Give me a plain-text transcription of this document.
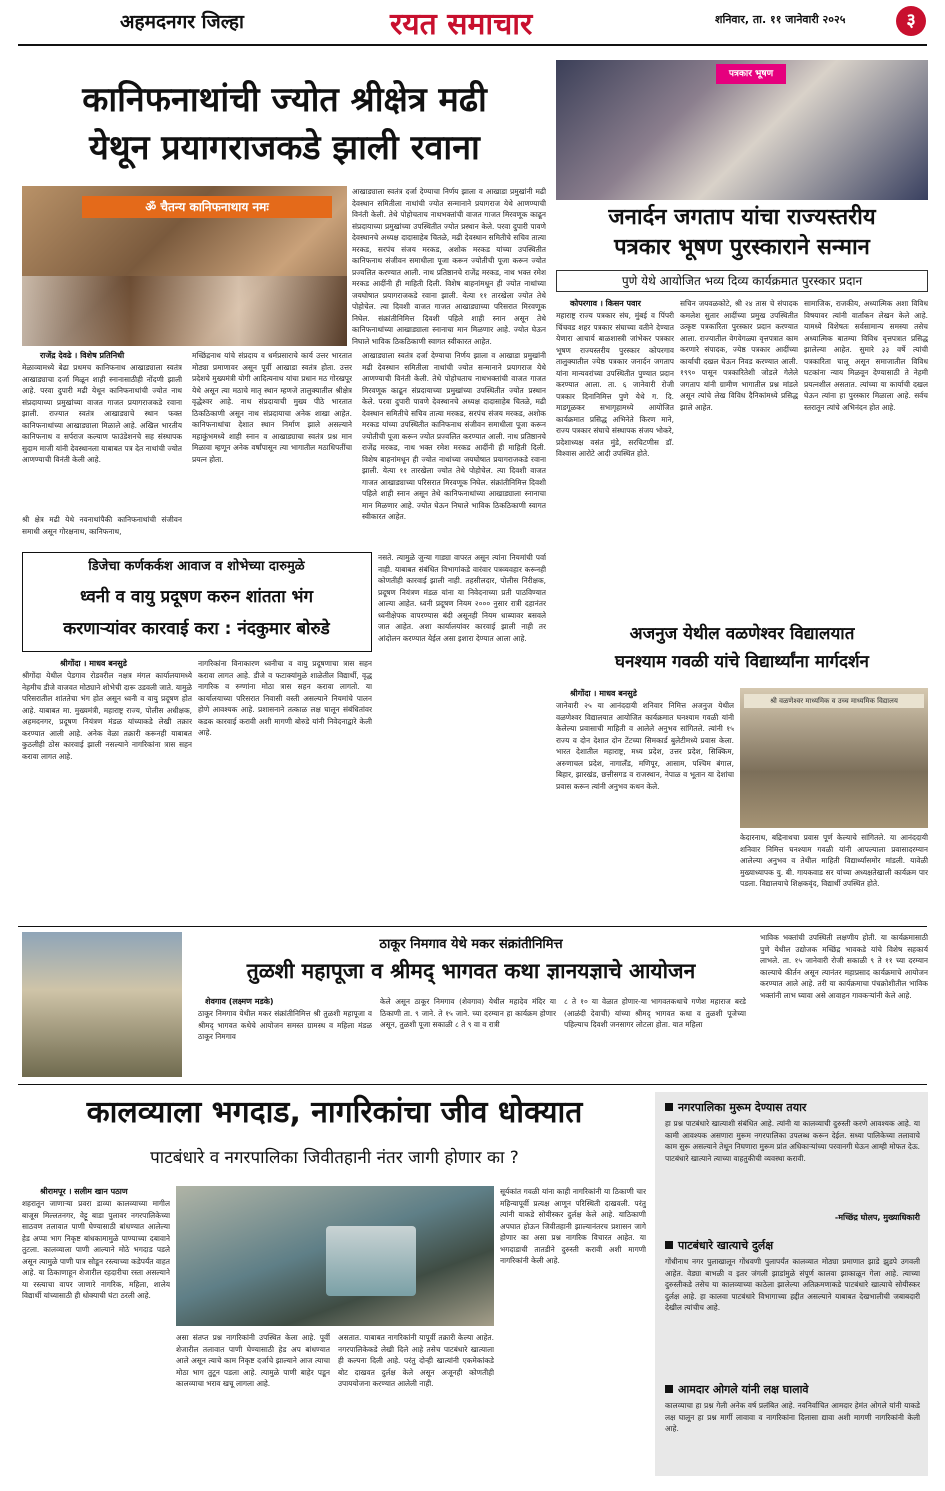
अहमदनगर जिल्हा	रयत समाचार	शनिवार, ता. ११ जानेवारी २०२५	३
कानिफनाथांची ज्योत श्रीक्षेत्र मढी
येथून प्रयागराजकडे झाली रवाना
ॐ चैतन्य कानिफनाथाय नमः
आखाड्याला स्वतंत्र दर्जा देण्याचा निर्णय झाला व आखाडा प्रमुखांनी मढी देवस्थान समितीला नाथांची ज्योत सन्मानाने प्रयागराज येथे आणण्याची विनंती केली. तेथे पोहोचताच नाथभक्तांची वाजत गाजत मिरवणूक काढून संप्रदायाच्या प्रमुखांच्या उपस्थितीत ज्योत प्रस्थान केले. परवा दुपारी पावणे देवस्थानचे अध्यक्ष दादासाहेब चितळे, मढी देवस्थान समितीचे सचिव तात्या मरकड, सरपंच संजय मरकड, अशोक मरकड यांच्या उपस्थितीत कानिफनाथ संजीवन समाधीला पूजा करून ज्योतीची पूजा करून ज्योत प्रज्वलित करण्यात आली. नाथ प्रतिष्ठानचे राजेंद्र मरकड, नाथ भक्त रमेश मरकड आदींनी ही माहिती दिली. विशेष बाहनांमधून ही ज्योत नाथांच्या जयघोषात प्रयागराजकडे रवाना झाली. येत्या ११ तारखेला ज्योत तेथे पोहोचेल. त्या दिवशी वाजत गाजत आखाड्याच्या परिसरात मिरवणूक निघेल. संक्रांतीनिमित्त दिवशी पहिले शाही स्नान असून तेथे कानिफनाथांच्या आखाड्याला स्नानाचा मान मिळणार आहे. ज्योत घेऊन निघाले भाविक ठिकठिकाणी स्वागत स्वीकारत आहेत.
राजेंद्र देवढे । विशेष प्रतिनिधी
मेळाव्यामध्ये बेढा प्रथमच कानिफनाथ आखाड्याला स्वतंत्र आखाड्याचा दर्जा मिळून शाही स्नानासाठीही नोंदणी झाली आहे. परवा दुपारी मढी येथून कानिफनाथांची ज्योत नाथ संप्रदायाच्या प्रमुखांच्या वाजत गाजत प्रयागराजकडे रवाना झाली. राज्यात स्वतंत्र आखाड्याचे स्थान फक्त कानिफनाथांच्या आखाड्याला मिळाले आहे. अखिल भारतीय कानिफनाथ व सर्पराज कल्याण फाउंडेशनचे सह संस्थापक सुदाम माजी यांनी देवस्थानला याबाबत पत्र देत नाथांची ज्योत आणण्याची विनंती केली आहे.
श्री क्षेत्र मढी येथे नवनाथांपैकी कानिफनाथांची संजीवन समाधी असून गोरक्षनाथ, कानिफनाथ,
मच्छिंद्रनाथ यांचे संप्रदाय व धर्मप्रसाराचे कार्य उत्तर भारतात मोठ्या प्रमाणावर असून पूर्वी आखाडा स्वतंत्र होता. उत्तर प्रदेशचे मुख्यमंत्री योगी आदित्यनाथ यांचा प्रधान मठ गोरखपूर येथे असून त्या मठाचे मातृ स्थान म्हणजे तालुक्यातील श्रीक्षेत्र वृद्धेश्वर आहे. नाथ संप्रदायाची मुख्य पीठे भारतात ठिकठिकाणी असून नाथ संप्रदायाचा अनेक शाखा आहेत. कानिफनाथांचा देशात स्थान निर्माण झाले असल्याने महाकुंभमध्ये शाही स्नान व आखाड्याचा स्वतंत्र प्रश्न मान मिळावा म्हणून अनेक वर्षांपासून त्या भागातील मठाधिपतींचा प्रयत्न होता.
आखाड्याला स्वतंत्र दर्जा देण्याचा निर्णय झाला व आखाडा प्रमुखांनी मढी देवस्थान समितीला नाथांची ज्योत सन्मानाने प्रयागराज येथे आणण्याची विनंती केली. तेथे पोहोचताच नाथभक्तांची वाजत गाजत मिरवणूक काढून संप्रदायाच्या प्रमुखांच्या उपस्थितीत ज्योत प्रस्थान केले. परवा दुपारी पावणे देवस्थानचे अध्यक्ष दादासाहेब चितळे, मढी देवस्थान समितीचे सचिव तात्या मरकड, सरपंच संजय मरकड, अशोक मरकड यांच्या उपस्थितीत कानिफनाथ संजीवन समाधीला पूजा करून ज्योतीची पूजा करून ज्योत प्रज्वलित करण्यात आली. नाथ प्रतिष्ठानचे राजेंद्र मरकड, नाथ भक्त रमेश मरकड आदींनी ही माहिती दिली. विशेष बाहनांमधून ही ज्योत नाथांच्या जयघोषात प्रयागराजकडे रवाना झाली. येत्या ११ तारखेला ज्योत तेथे पोहोचेल. त्या दिवशी वाजत गाजत आखाड्याच्या परिसरात मिरवणूक निघेल. संक्रांतीनिमित्त दिवशी पहिले शाही स्नान असून तेथे कानिफनाथांच्या आखाड्याला स्नानाचा मान मिळणार आहे. ज्योत घेऊन निघाले भाविक ठिकठिकाणी स्वागत स्वीकारत आहेत.
पत्रकार भूषण
जनार्दन जगताप यांचा राज्यस्तरीय
पत्रकार भूषण पुरस्काराने सन्मान
पुणे येथे आयोजित भव्य दिव्य कार्यक्रमात पुरस्कार प्रदान
कोपरगाव । किसन पवार
महाराष्ट्र राज्य पत्रकार संघ, मुंबई व पिंपरी चिंचवड शहर पत्रकार संघाच्या वतीने देण्यात येणारा आचार्य बाळशास्त्री जांभेकर पत्रकार भूषण राज्यस्तरीय पुरस्कार कोपरगाव तालुक्यातील ज्येष्ठ पत्रकार जनार्दन जगताप यांना मान्यवरांच्या उपस्थितीत पुण्यात प्रदान करण्यात आला. ता. ६ जानेवारी रोजी पत्रकार दिनानिमित्त पुणे येथे ग. दि. माडगूळकर सभागृहामध्ये आयोजित कार्यक्रमात प्रसिद्ध अभिनेते किरण माने, राज्य पत्रकार संघाचे संस्थापक संजय भोकरे, प्रदेशाध्यक्ष वसंत मुंडे, सरचिटणीस डॉ. विश्वास आरोटे आदी उपस्थित होते.
सचिन जयवळकोटे, श्री २४ तास चे संपादक कमलेश सुतार आदींच्या प्रमुख उपस्थितीत उत्कृष्ट पत्रकारिता पुरस्कार प्रदान करण्यात आला. राज्यातील वेगवेगळ्या वृत्तपत्रात काम करणारे संपादक, ज्येष्ठ पत्रकार आदींच्या कार्याची दखल घेऊन निवड करण्यात आली. १९९० पासून पत्रकारितेशी जोडले गेलेले जगताप यांनी ग्रामीण भागातील प्रश्न मांडले असून त्यांचे लेख विविध दैनिकांमध्ये प्रसिद्ध झाले आहेत.
सामाजिक, राजकीय, अध्यात्मिक अशा विविध विषयावर त्यांनी वार्तांकन लेखन केले आहे. यामध्ये विशेषतः सर्वसामान्य समस्या तसेच अध्यात्मिक बातम्या विविध वृत्तपत्रात प्रसिद्ध झालेल्या आहेत. सुमारे ३३ वर्षे त्यांची पत्रकारिता चालू असून समाजातील विविध घटकांना न्याय मिळवून देण्यासाठी ते नेहमी प्रयत्नशील असतात. त्यांच्या या कार्याची दखल घेऊन त्यांना हा पुरस्कार मिळाला आहे. सर्वच स्तरातून त्यांचे अभिनंदन होत आहे.
डिजेचा कर्णकर्कश आवाज व शोभेच्या दारुमुळे
ध्वनी व वायु प्रदूषण करुन शांतता भंग
करणाऱ्यांवर कारवाई करा : नंदकुमार बोरुडे
श्रीगोंदा । माधव बनसुडे
श्रीगोंदा येथील पेडगाव रोडवरील नक्षत्र मंगल कार्यालयामध्ये नेहमीच डीजे वाजवत मोठ्याने शोभेची दारू उडवली जाते. यामुळे परिसरातील शांततेचा भंग होत असून ध्वनी व वायु प्रदूषण होत आहे. याबाबत मा. मुख्यमंत्री, महाराष्ट्र राज्य, पोलीस अधीक्षक, अहमदनगर, प्रदूषण नियंत्रण मंडळ यांच्याकडे लेखी तक्रार करण्यात आली आहे. अनेक वेळा तक्रारी करूनही याबाबत कुठलीही ठोस कारवाई झाली नसल्याने नागरिकांना त्रास सहन करावा लागत आहे.
नागरिकांना विनाकारण ध्वनीचा व वायु प्रदूषणाचा त्रास सहन करावा लागत आहे. डीजे व फटाक्यांमुळे शाळेतील विद्यार्थी, वृद्ध नागरिक व रुग्णांना मोठा त्रास सहन करावा लागतो. या कार्यालयाच्या परिसरात निवासी वस्ती असल्याने नियमांचे पालन होणे आवश्यक आहे. प्रशासनाने तत्काळ लक्ष घालून संबंधितांवर कडक कारवाई करावी अशी मागणी बोरुडे यांनी निवेदनाद्वारे केली आहे.
नसते. त्यामुळे जुन्या गाड्या वापरत असून त्यांना नियमांची पर्वा नाही. याबाबत संबंधित विभागांकडे वारंवार पत्रव्यवहार करूनही कोणतीही कारवाई झाली नाही. तहसीलदार, पोलीस निरीक्षक, प्रदूषण नियंत्रण मंडळ यांना या निवेदनाच्या प्रती पाठविण्यात आल्या आहेत. ध्वनी प्रदूषण नियम २००० नुसार रात्री दहानंतर ध्वनीक्षेपक वापरण्यास बंदी असूनही नियम धाब्यावर बसवले जात आहेत. अशा कार्यालयांवर कारवाई झाली नाही तर आंदोलन करण्यात येईल असा इशारा देण्यात आला आहे.	अजनुज येथील वळणेश्वर विद्यालयात
घनश्याम गवळी यांचे विद्यार्थ्यांना मार्गदर्शन
श्रीगोंदा । माधव बनसुडे
जानेवारी २५ या आनंददायी शनिवार निमित्त अजनुज येथील वळणेश्वर विद्यालयात आयोजित कार्यक्रमात घनश्याम गवळी यांनी केलेल्या प्रवासाची माहिती व आलेले अनुभव सांगितले. त्यांनी १५ राज्य व दोन देशात दोन टेंटच्या सिमकार्ड बुलेटीमध्ये प्रवास केला. भारत देशातील महाराष्ट्र, मध्य प्रदेश, उत्तर प्रदेश, सिक्किम, अरुणाचल प्रदेश, नागालँड, मणिपूर, आसाम, पश्चिम बंगाल, बिहार, झारखंड, छत्तीसगड व राजस्थान, नेपाळ व भूतान या देशांचा प्रवास करून त्यांनी अनुभव कथन केले.
श्री वळणेश्वर माध्यमिक व उच्च माध्यमिक विद्यालय
केदारनाथ, बद्रिनाथचा प्रवास पूर्ण केल्याचे सांगितले. या आनंददायी शनिवार निमित्त घनश्याम गवळी यांनी आपल्याला प्रवासादरम्यान आलेल्या अनुभव व तेथील माहिती विद्यार्थ्यांसमोर मांडली. यावेळी मुख्याध्यापक यु. बी. गायकवाड सर यांच्या अध्यक्षतेखाली कार्यक्रम पार पडला. विद्यालयाचे शिक्षकवृंद, विद्यार्थी उपस्थित होते.
ठाकूर निमगाव येथे मकर संक्रांतीनिमित्त
तुळशी महापूजा व श्रीमद् भागवत कथा ज्ञानयज्ञाचे आयोजन
शेवगाव (लक्ष्मण मडके)
ठाकूर निमगाव येथील मकर संक्रांतीनिमित्त श्री तुळशी महापूजा व श्रीमद् भागवत कथेचे आयोजन समस्त ग्रामस्थ व महिला मंडळ ठाकूर निमगाव
केले असून ठाकूर निमगाव (शेवगाव) येथील महादेव मंदिर या ठिकाणी ता. ९ जाने. ते १५ जाने. च्या दरम्यान हा कार्यक्रम होणार असून, तुळशी पूजा सकाळी ८ ते ९ वा व रात्री
८ ते १० या वेळात होणार-या भागवतकथाचे गणेश महाराज बरडे (आळंदी देवाची) यांच्या श्रीमद् भागवत कथा व तुळशी पूजेच्या पहिल्याच दिवशी जनसागर लोटला होता. यात महिला
भाविक भक्तांची उपस्थिती लक्षणीय होती. या कार्यक्रमासाठी पुणे येथील उद्योजक मच्छिंद्र भावकडे यांचे विशेष सहकार्य लाभले. ता. १५ जानेवारी रोजी सकाळी ९ ते ११ च्या दरम्यान काल्याचे कीर्तन असून त्यानंतर महाप्रसाद कार्यक्रमाचे आयोजन करण्यात आले आहे. तरी या कार्यक्रमाचा पंचक्रोशीतील भाविक भक्तांनी लाभ घ्यावा असे आवाहन गावकऱ्यांनी केले आहे.
कालव्याला भगदाड, नागरिकांचा जीव धोक्यात
पाटबंधारे व नगरपालिका जिवीतहानी नंतर जागी होणार का ?
श्रीरामपूर । सलीम खान पठाण
शहरातून जाणाऱ्या प्रवरा डाव्या कालव्याच्या मागील बाजूस मिल्लतनगर, वेट्टू बाडा पुलावर नगरपालिकेच्या साठवण तलावात पाणी घेण्यासाठी बांधण्यात आलेल्या हेड अप्पा भाग निकृष्ट बांधकामामुळे पाण्याच्या दबावाने तुटला. कालव्याला पाणी आल्याने मोठे भगदाड पडले असून त्यामुळे पाणी पात्र सोडून रस्त्याच्या कडेपर्यंत वाहत आहे. या ठिकाणाहून शेजारील रहदारीचा रस्ता असल्याने या रस्त्याचा वापर जाणारे नागरिक, महिला, शालेय विद्यार्थी यांच्यासाठी ही धोक्याची घंटा ठरली आहे.
असा संतप्त प्रश्न नागरिकांनी उपस्थित केला आहे. पूर्वी शेजारील तलावात पाणी घेण्यासाठी हेड अप बांधण्यात आले असून त्याचे काम निकृष्ट दर्जाचे झाल्याने आज त्याचा मोठा भाग तुटून पडला आहे. त्यामुळे पाणी बाहेर पडून कालव्याचा भराव खचू लागला आहे.
असतात. याबाबत नागरिकांनी यापूर्वी तक्रारी केल्या आहेत. नगरपालिकेकडे लेखी दिले आहे तसेच पाटबंधारे खात्याला ही कल्पना दिली आहे. परंतु दोन्ही खात्यांनी एकमेकांकडे बोट दाखवत दुर्लक्ष केले असून अजूनही कोणतीही उपाययोजना करण्यात आलेली नाही.
सूर्यकांत गवळी यांना काही नागरिकांनी या ठिकाणी चार महिन्यापूर्वी प्रत्यक्ष आणून परिस्थिती दाखवली. परंतु त्यांनी याकडे सोयीस्कर दुर्लक्ष केले आहे. याठिकाणी अपघात होऊन जिवीतहानी झाल्यानंतरच प्रशासन जागे होणार का असा प्रश्न नागरिक विचारत आहेत. या भगदाडाची तातडीने दुरुस्ती करावी अशी मागणी नागरिकांनी केली आहे.
नगरपालिका मुरूम देण्यास तयार
हा प्रश्न पाटबंधारे खात्याशी संबंधित आहे. त्यांनी या कालव्याची दुरुस्ती करणे आवश्यक आहे. या कामी आवश्यक असणारा मुरूम नगरपालिका उपलब्ध करून देईल. सध्या पालिकेच्या तलावाचे काम सुरू असल्याने तेथून निघणारा मुरूम प्रांत अधिकाऱ्यांच्या परवानगी घेऊन आम्ही मोफत देऊ. पाटबंधारे खात्याने त्याच्या वाहतुकीची व्यवस्था करावी.
-मच्छिंद्र घोलप, मुख्याधिकारी
पाटबंधारे खात्याचे दुर्लक्ष
गोंधीनाथ नगर पुलाखालून गोंधवणी पुलापर्यंत कालव्यात मोठ्या प्रमाणात झाडे झुडपे उगवली आहेत. वेड्या बाभळी व इतर जंगली झाडांमुळे संपूर्ण कालवा झाकाळून गेला आहे. त्याच्या दुरुस्तीकडे तसेच या कालव्याच्या काठेला झालेल्या अतिक्रमणाकडे पाटबंधारे खात्याचे सोयीस्कर दुर्लक्ष आहे. हा कालवा पाटबंधारे विभागाच्या हद्दीत असल्याने याबाबत देखभालीची जबाबदारी देखील त्यांचीच आहे.
आमदार ओगले यांनी लक्ष घालावे
कालव्याचा हा प्रश्न गेली अनेक वर्ष प्रलंबित आहे. नवनिर्वाचित आमदार हेमंत ओगले यांनी याकडे लक्ष घालून हा प्रश्न मार्गी लावावा व नागरिकांना दिलासा द्यावा अशी मागणी नागरिकांनी केली आहे.
